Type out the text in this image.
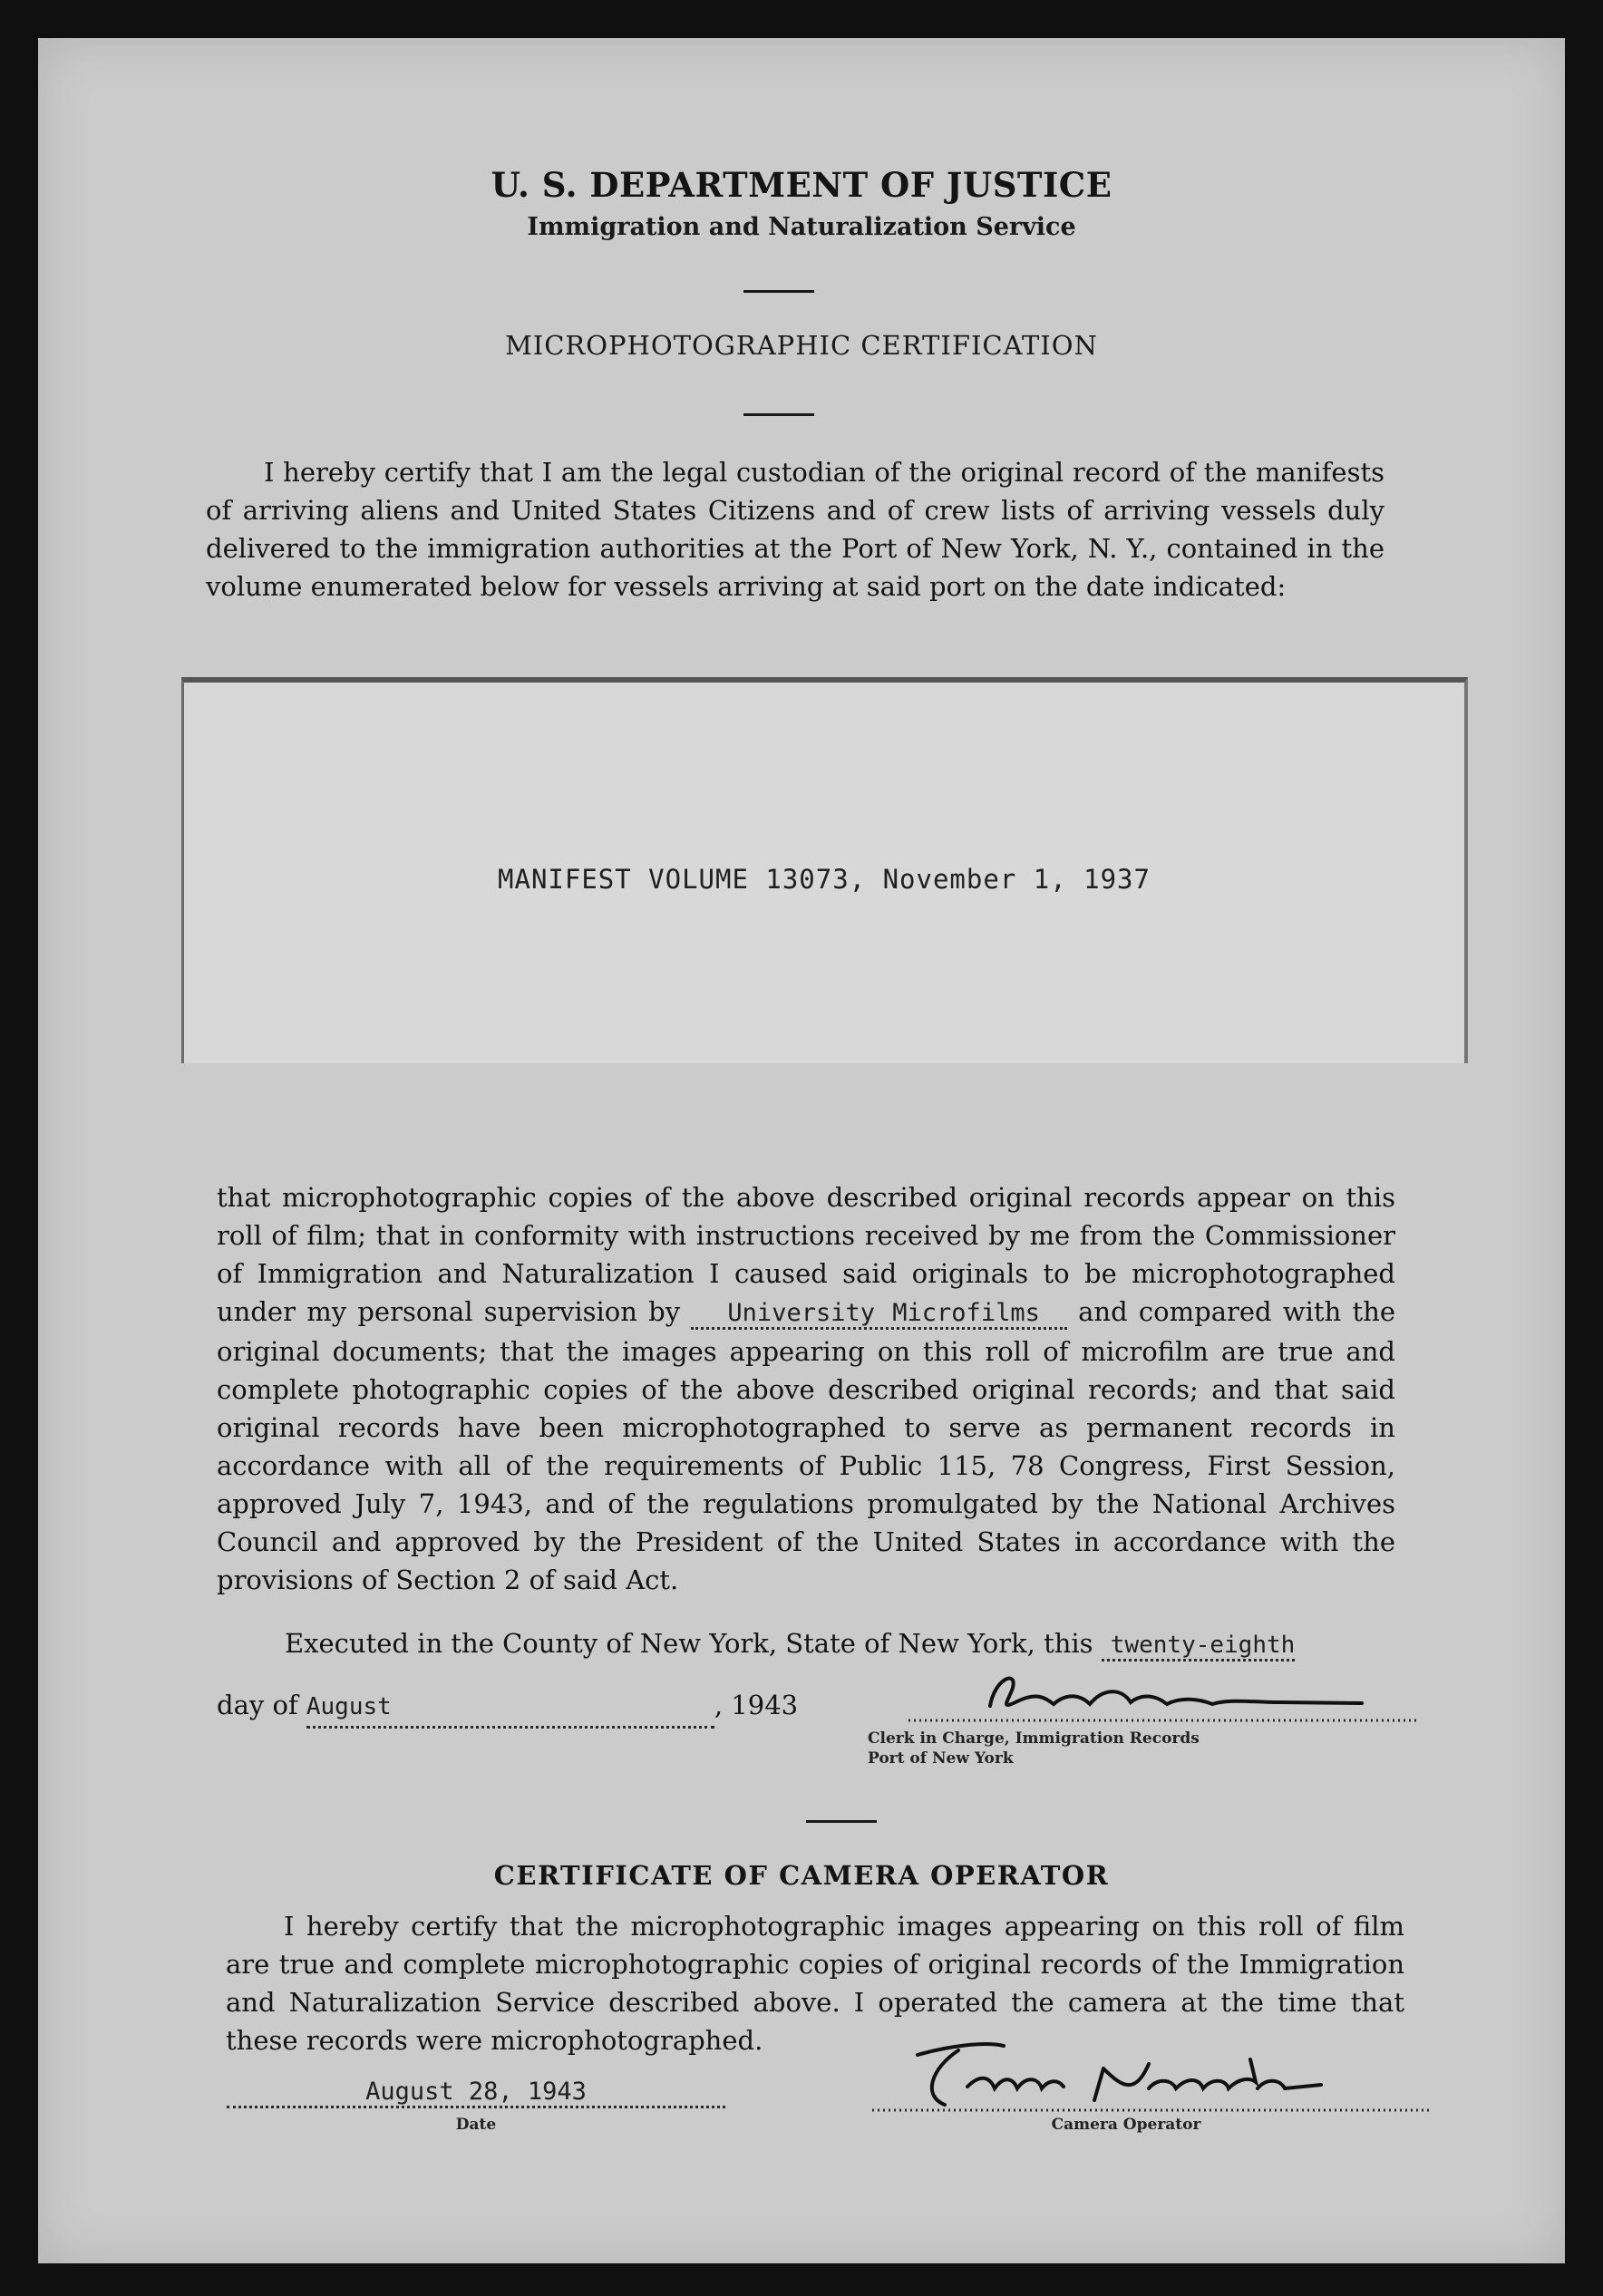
U. S. DEPARTMENT OF JUSTICE
Immigration and Naturalization Service
MICROPHOTOGRAPHIC CERTIFICATION
I hereby certify that I am the legal custodian of the original record of the manifests of arriving aliens and United States Citizens and of crew lists of arriving vessels duly delivered to the immigration authorities at the Port of New York, N. Y., contained in the volume enumerated below for vessels arriving at said port on the date indicated:
MANIFEST VOLUME 13073, November 1, 1937
that microphotographic copies of the above described original records appear on this roll of film; that in conformity with instructions received by me from the Commissioner of Immigration and Naturalization I caused said originals to be microphotographed under my personal supervision by University Microfilms and compared with the original documents; that the images appearing on this roll of microfilm are true and complete photographic copies of the above described original records; and that said original records have been microphotographed to serve as permanent records in accordance with all of the requirements of Public 115, 78 Congress, First Session, approved July 7, 1943, and of the regulations promulgated by the National Archives Council and approved by the President of the United States in accordance with the provisions of Section 2 of said Act.
Executed in the County of New York, State of New York, this twenty-eighth
day of August	, 1943
Clerk in Charge, Immigration Records
Port of New York
CERTIFICATE OF CAMERA OPERATOR
I hereby certify that the microphotographic images appearing on this roll of film are true and complete microphotographic copies of original records of the Immigration and Naturalization Service described above. I operated the camera at the time that these records were microphotographed.
August 28, 1943
Date	Camera Operator
